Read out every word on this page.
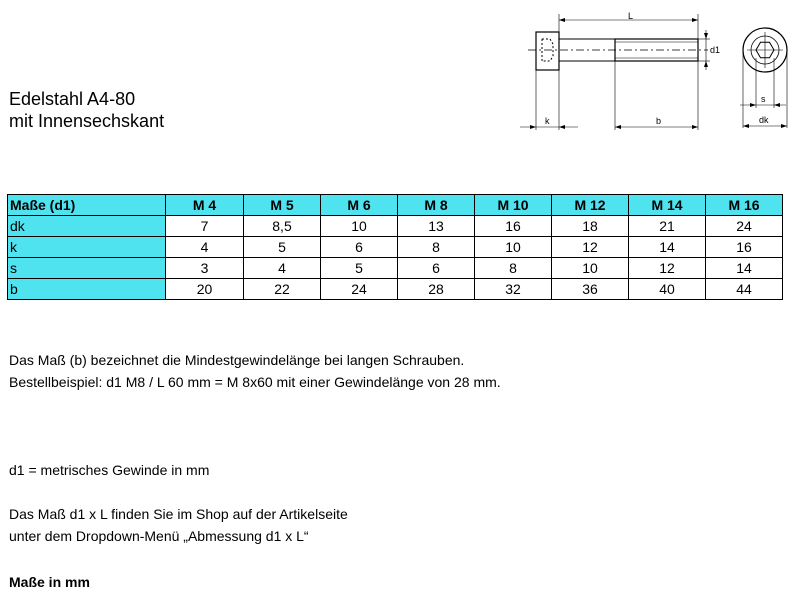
Edelstahl A4-80
mit Innensechskant
L
d1
k	b
s
dk
Maße (d1)	M 4	M 5	M 6	M 8	M 10	M 12	M 14	M 16
dk	7	8,5	10	13	16	18	21	24
k	4	5	6	8	10	12	14	16
s	3	4	5	6	8	10	12	14
b	20	22	24	28	32	36	40	44
Das Maß (b) bezeichnet die Mindestgewindelänge bei langen Schrauben.
Bestellbeispiel: d1 M8 / L 60 mm = M 8x60 mit einer Gewindelänge von 28 mm.
d1 = metrisches Gewinde in mm
Das Maß d1 x L finden Sie im Shop auf der Artikelseite
unter dem Dropdown-Menü „Abmessung d1 x L“
Maße in mm
